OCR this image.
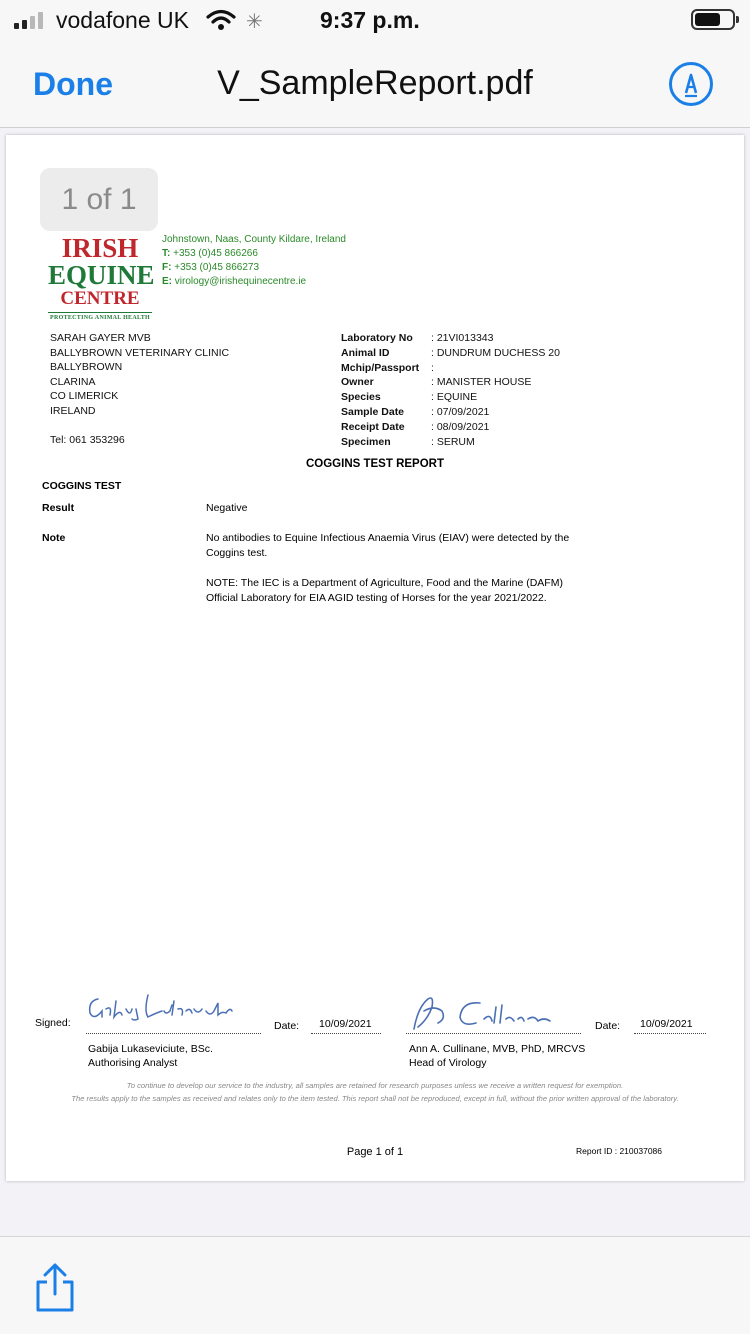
vodafone UK	✳ 9:37 p.m.
Done	V_SampleReport.pdf
IRISH
EQUINE
CENTRE
PROTECTING ANIMAL HEALTH
1 of 1
Johnstown, Naas, County Kildare, Ireland
T: +353 (0)45 866266
F: +353 (0)45 866273
E: virology@irishequinecentre.ie
SARAH GAYER MVB
BALLYBROWN VETERINARY CLINIC
BALLYBROWN
CLARINA
CO LIMERICK
IRELAND
Tel: 061 353296
Laboratory No	: 21VI013343
Animal ID	: DUNDRUM DUCHESS 20
Mchip/Passport	:
Owner	: MANISTER HOUSE
Species	: EQUINE
Sample Date	: 07/09/2021
Receipt Date	: 08/09/2021
Specimen	: SERUM
COGGINS TEST REPORT
COGGINS TEST
Result	Negative
Note	No antibodies to Equine Infectious Anaemia Virus (EIAV) were detected by the Coggins test.
NOTE: The IEC is a Department of Agriculture, Food and the Marine (DAFM) Official Laboratory for EIA AGID testing of Horses for the year 2021/2022.
Signed:	Date: 10/09/2021	Date: 10/09/2021
Gabija Lukaseviciute, BSc.
Authorising Analyst
Ann A. Cullinane, MVB, PhD, MRCVS
Head of Virology
To continue to develop our service to the industry, all samples are retained for research purposes unless we receive a written request for exemption.
The results apply to the samples as received and relates only to the item tested. This report shall not be reproduced, except in full, without the prior written approval of the laboratory.
Page 1 of 1	Report ID : 210037086
